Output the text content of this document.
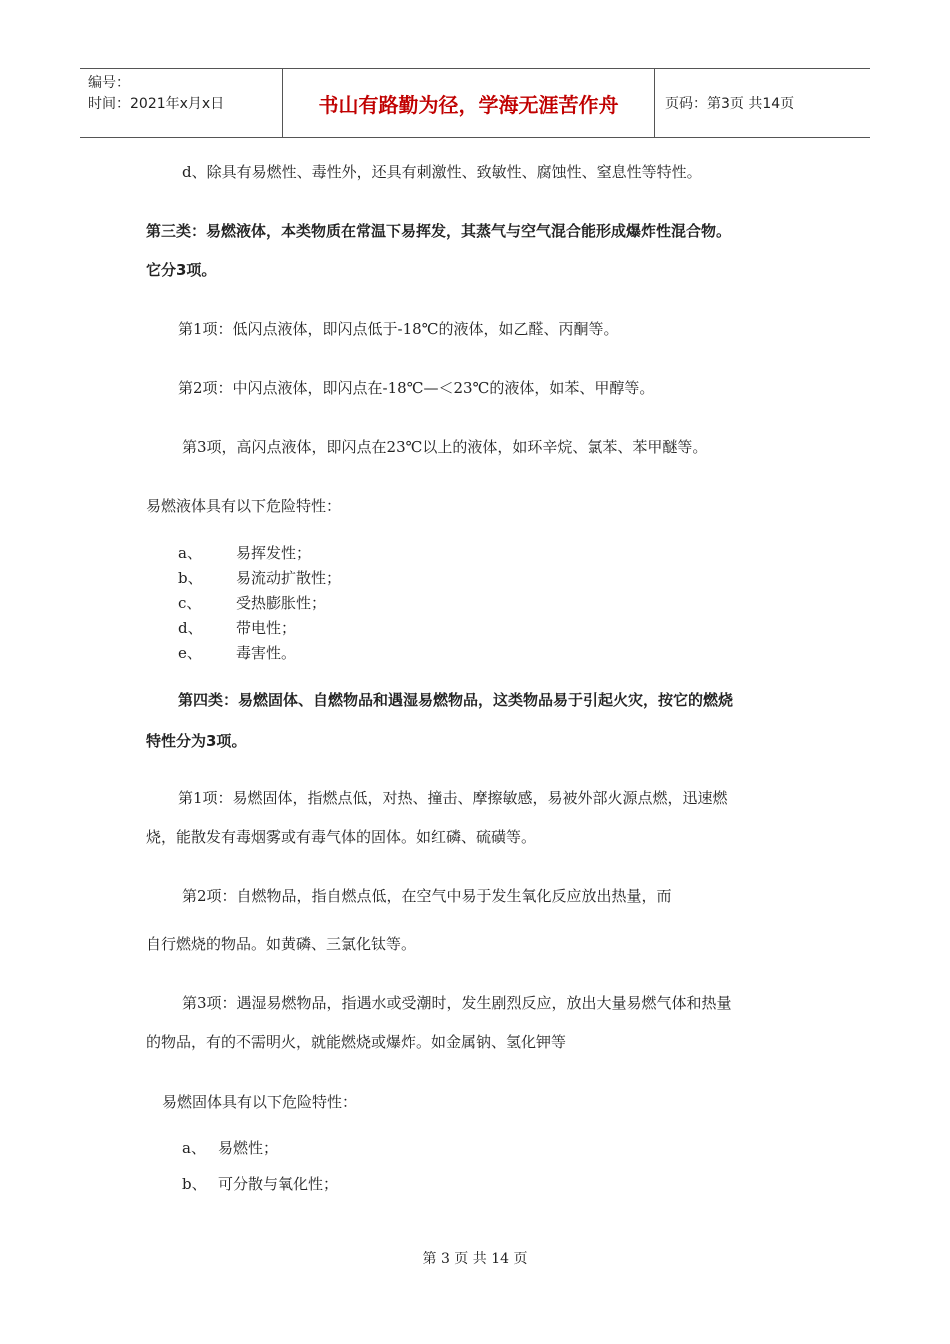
编号：
时间：2021年x月x日	书山有路勤为径，学海无涯苦作舟	页码：第3页 共14页
d、除具有易燃性、毒性外，还具有刺激性、致敏性、腐蚀性、窒息性等特性。
第三类：易燃液体，本类物质在常温下易挥发，其蒸气与空气混合能形成爆炸性混合物。
它分3项。
第1项：低闪点液体，即闪点低于-18℃的液体，如乙醛、丙酮等。
第2项：中闪点液体，即闪点在-18℃—＜23℃的液体，如苯、甲醇等。
第3项，高闪点液体，即闪点在23℃以上的液体，如环辛烷、氯苯、苯甲醚等。
易燃液体具有以下危险特性：
a、 易挥发性；
b、 易流动扩散性；
c、 受热膨胀性；
d、 带电性；
e、 毒害性。
第四类：易燃固体、自燃物品和遇湿易燃物品，这类物品易于引起火灾，按它的燃烧
特性分为3项。
第1项：易燃固体，指燃点低，对热、撞击、摩擦敏感，易被外部火源点燃，迅速燃
烧，能散发有毒烟雾或有毒气体的固体。如红磷、硫磺等。
第2项：自燃物品，指自燃点低，在空气中易于发生氧化反应放出热量，而
自行燃烧的物品。如黄磷、三氯化钛等。
第3项：遇湿易燃物品，指遇水或受潮时，发生剧烈反应，放出大量易燃气体和热量
的物品，有的不需明火，就能燃烧或爆炸。如金属钠、氢化钾等
易燃固体具有以下危险特性：
a、 易燃性；
b、 可分散与氧化性；
第 3 页 共 14 页
